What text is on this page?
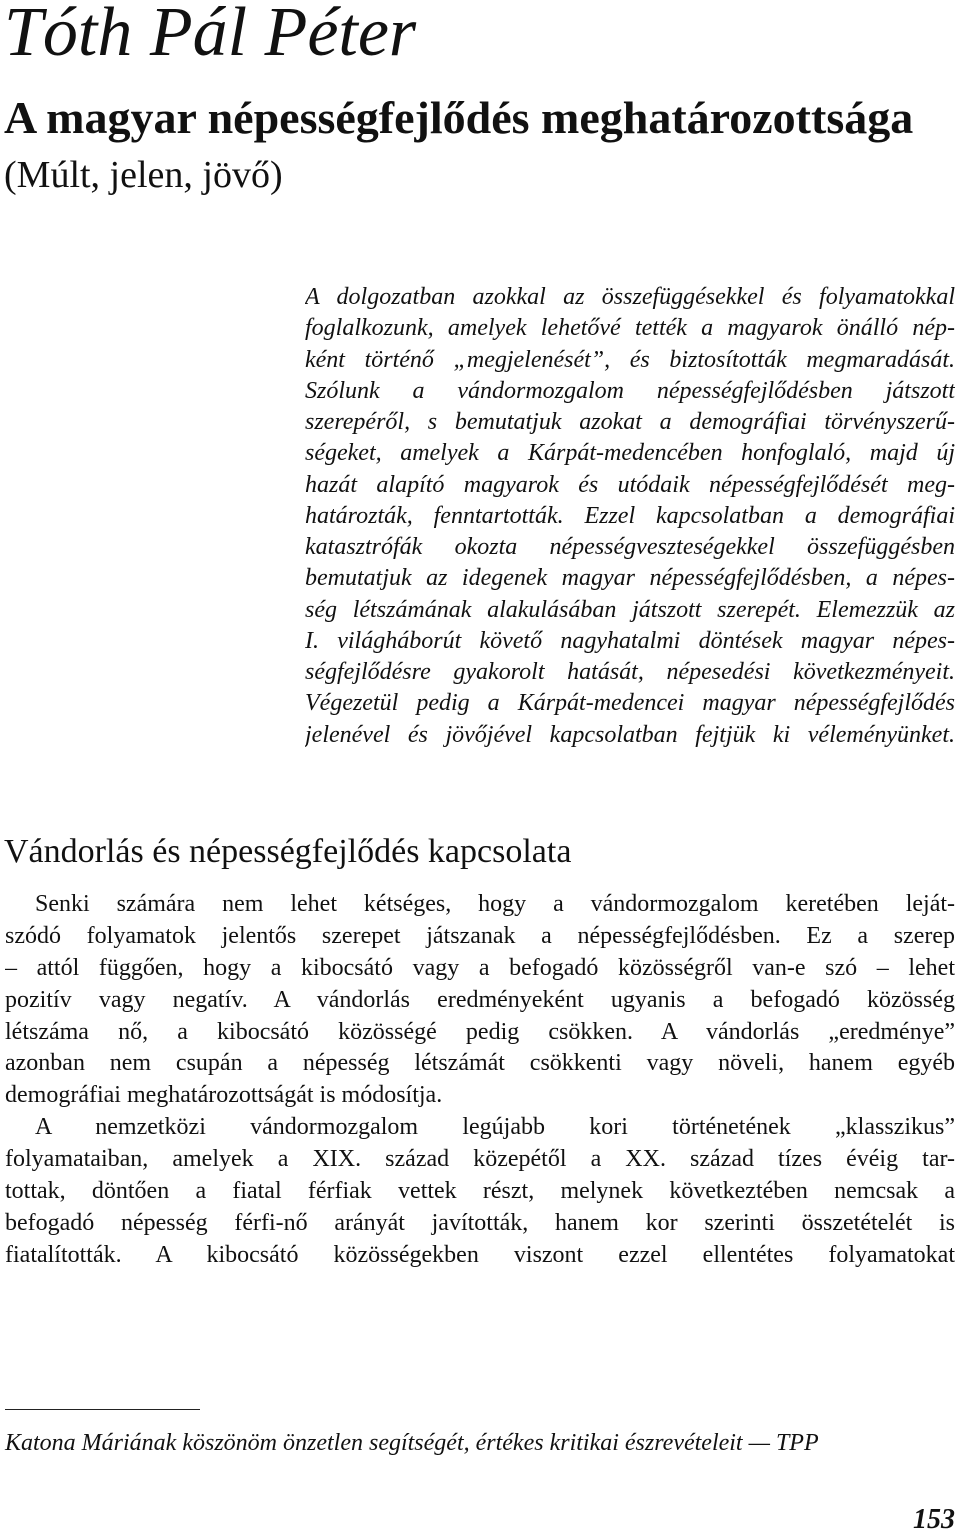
Tóth Pál Péter
A magyar népességfejlődés meghatározottsága
(Múlt, jelen, jövő)
A dolgozatban azokkal az összefüggésekkel és folyamatokkal
foglalkozunk, amelyek lehetővé tették a magyarok önálló nép-
ként történő „megjelenését”, és biztosították megmaradását.
Szólunk a vándormozgalom népességfejlődésben játszott
szerepéről, s bemutatjuk azokat a demográfiai törvényszerű-
ségeket, amelyek a Kárpát-medencében honfoglaló, majd új
hazát alapító magyarok és utódaik népességfejlődését meg-
határozták, fenntartották. Ezzel kapcsolatban a demográfiai
katasztrófák okozta népességveszteségekkel összefüggésben
bemutatjuk az idegenek magyar népességfejlődésben, a népes-
ség létszámának alakulásában játszott szerepét. Elemezzük az
I. világháborút követő nagyhatalmi döntések magyar népes-
ségfejlődésre gyakorolt hatását, népesedési következményeit.
Végezetül pedig a Kárpát-medencei magyar népességfejlődés
jelenével és jövőjével kapcsolatban fejtjük ki véleményünket.
Vándorlás és népességfejlődés kapcsolata
Senki számára nem lehet kétséges, hogy a vándormozgalom keretében leját-
szódó folyamatok jelentős szerepet játszanak a népességfejlődésben. Ez a szerep
– attól függően, hogy a kibocsátó vagy a befogadó közösségről van-e szó – lehet
pozitív vagy negatív. A vándorlás eredményeként ugyanis a befogadó közösség
létszáma nő, a kibocsátó közösségé pedig csökken. A vándorlás „eredménye”
azonban nem csupán a népesség létszámát csökkenti vagy növeli, hanem egyéb
demográfiai meghatározottságát is módosítja.
A nemzetközi vándormozgalom legújabb kori történetének „klasszikus”
folyamataiban, amelyek a XIX. század közepétől a XX. század tízes évéig tar-
tottak, döntően a fiatal férfiak vettek részt, melynek következtében nemcsak a
befogadó népesség férfi-nő arányát javították, hanem kor szerinti összetételét is
fiatalították. A kibocsátó közösségekben viszont ezzel ellentétes folyamatokat
Katona Máriának köszönöm önzetlen segítségét, értékes kritikai észrevételeit — TPP
153
